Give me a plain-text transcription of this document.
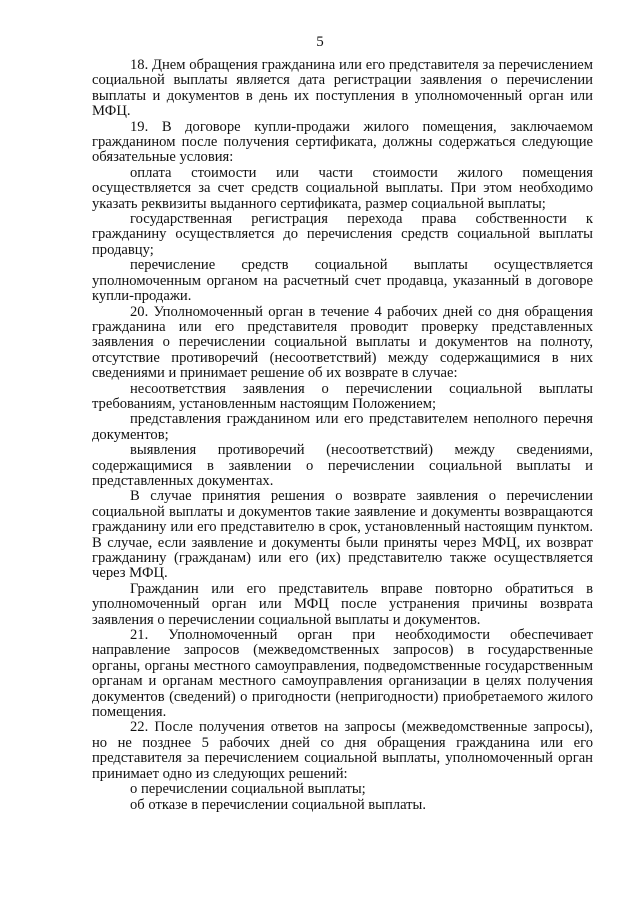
5

18. Днем обращения гражданина или его представителя за перечислением социальной выплаты является дата регистрации заявления о перечислении выплаты и документов в день их поступления в уполномоченный орган или МФЦ.

19. В договоре купли-продажи жилого помещения, заключаемом гражданином после получения сертификата, должны содержаться следующие обязательные условия:

оплата стоимости или части стоимости жилого помещения осуществляется за счет средств социальной выплаты. При этом необходимо указать реквизиты выданного сертификата, размер социальной выплаты;

государственная регистрация перехода права собственности к гражданину осуществляется до перечисления средств социальной выплаты продавцу;

перечисление средств социальной выплаты осуществляется уполномоченным органом на расчетный счет продавца, указанный в договоре купли-продажи.

20. Уполномоченный орган в течение 4 рабочих дней со дня обращения гражданина или его представителя проводит проверку представленных заявления о перечислении социальной выплаты и документов на полноту, отсутствие противоречий (несоответствий) между содержащимися в них сведениями и принимает решение об их возврате в случае:

несоответствия заявления о перечислении социальной выплаты требованиям, установленным настоящим Положением;

представления гражданином или его представителем неполного перечня документов;

выявления противоречий (несоответствий) между сведениями, содержащимися в заявлении о перечислении социальной выплаты и представленных документах.

В случае принятия решения о возврате заявления о перечислении социальной выплаты и документов такие заявление и документы возвращаются гражданину или его представителю в срок, установленный настоящим пунктом. В случае, если заявление и документы были приняты через МФЦ, их возврат гражданину (гражданам) или его (их) представителю также осуществляется через МФЦ.

Гражданин или его представитель вправе повторно обратиться в уполномоченный орган или МФЦ после устранения причины возврата заявления о перечислении социальной выплаты и документов.

21. Уполномоченный орган при необходимости обеспечивает направление запросов (межведомственных запросов) в государственные органы, органы местного самоуправления, подведомственные государственным органам и органам местного самоуправления организации в целях получения документов (сведений) о пригодности (непригодности) приобретаемого жилого помещения.

22. После получения ответов на запросы (межведомственные запросы), но не позднее 5 рабочих дней со дня обращения гражданина или его представителя за перечислением социальной выплаты, уполномоченный орган принимает одно из следующих решений:

о перечислении социальной выплаты;

об отказе в перечислении социальной выплаты.
